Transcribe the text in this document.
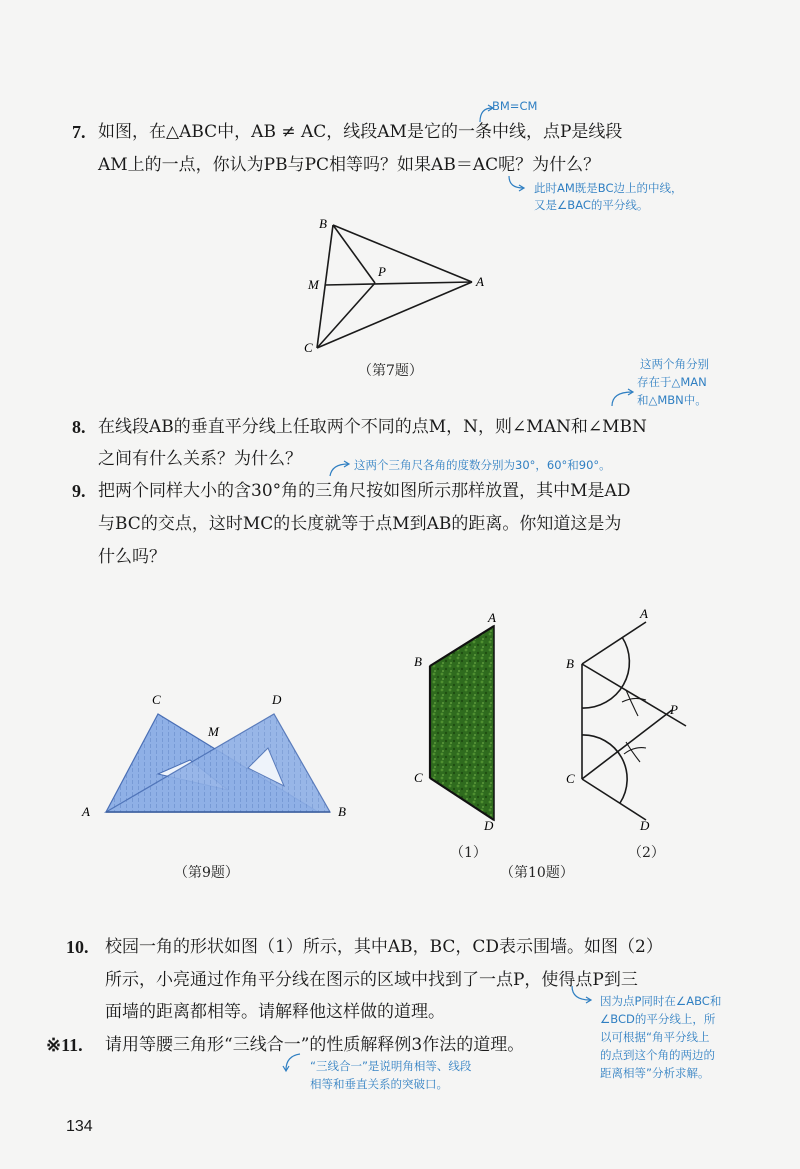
BM=CM
7. 如图，在△ABC中，AB ≠ AC，线段AM是它的一条中线，点P是线段
AM上的一点，你认为PB与PC相等吗？如果AB＝AC呢？为什么？
此时AM既是BC边上的中线，
又是∠BAC的平分线。
B
M
P
A
C
（第7题）	这两个角分别
存在于△MAN
和△MBN中。
8. 在线段AB的垂直平分线上任取两个不同的点M，N，则∠MAN和∠MBN
之间有什么关系？为什么？	这两个三角尺各角的度数分别为30°，60°和90°。
9. 把两个同样大小的含30°角的三角尺按如图所示那样放置，其中M是AD
与BC的交点，这时MC的长度就等于点M到AB的距离。你知道这是为
什么吗？
C	D
M
A	B
（第9题）
A
B
C
D
（1）
A
B
P
C
D
（2）
（第10题）
10. 校园一角的形状如图（1）所示，其中AB，BC，CD表示围墙。如图（2）
所示，小亮通过作角平分线在图示的区域中找到了一点P，使得点P到三
面墙的距离都相等。请解释他这样做的道理。
因为点P同时在∠ABC和
∠BCD的平分线上，所
以可根据“角平分线上
的点到这个角的两边的
距离相等”分析求解。
※11. 请用等腰三角形“三线合一”的性质解释例3作法的道理。
“三线合一”是说明角相等、线段
相等和垂直关系的突破口。
134
